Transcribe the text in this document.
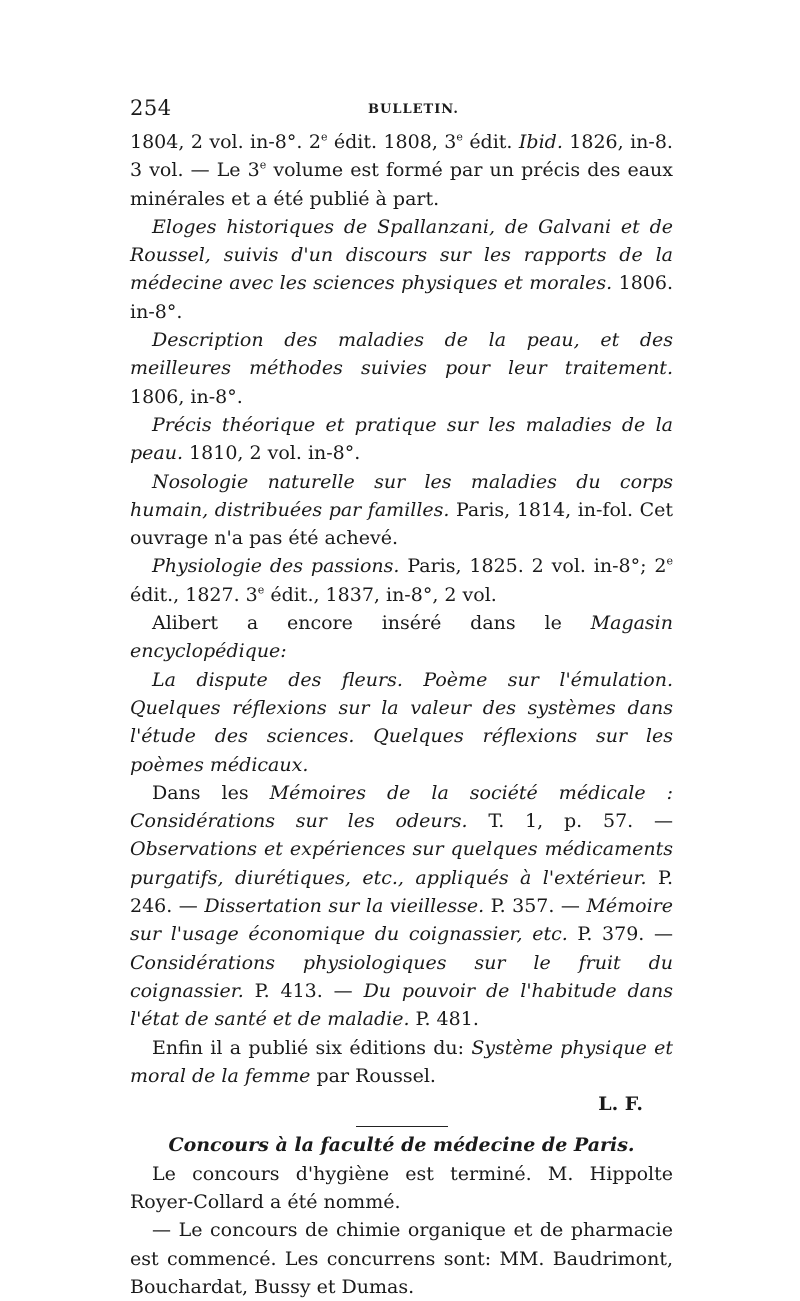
254	BULLETIN.

1804, 2 vol. in-8°. 2e édit. 1808, 3e édit. Ibid. 1826, in-8. 3 vol. — Le 3e volume est formé par un précis des eaux minérales et a été publié à part.

Eloges historiques de Spallanzani, de Galvani et de Roussel, suivis d'un discours sur les rapports de la médecine avec les sciences physiques et morales. 1806. in-8°.

Description des maladies de la peau, et des meilleures méthodes suivies pour leur traitement. 1806, in-8°.

Précis théorique et pratique sur les maladies de la peau. 1810, 2 vol. in-8°.

Nosologie naturelle sur les maladies du corps humain, distribuées par familles. Paris, 1814, in-fol. Cet ouvrage n'a pas été achevé.

Physiologie des passions. Paris, 1825. 2 vol. in-8°; 2e édit., 1827. 3e édit., 1837, in-8°, 2 vol.

Alibert a encore inséré dans le Magasin encyclopédique:

La dispute des fleurs. Poème sur l'émulation. Quelques réflexions sur la valeur des systèmes dans l'étude des sciences. Quelques réflexions sur les poèmes médicaux.

Dans les Mémoires de la société médicale : Considérations sur les odeurs. T. 1, p. 57. — Observations et expériences sur quelques médicaments purgatifs, diurétiques, etc., appliqués à l'extérieur. P. 246. — Dissertation sur la vieillesse. P. 357. — Mémoire sur l'usage économique du coignassier, etc. P. 379. — Considérations physiologiques sur le fruit du coignassier. P. 413. — Du pouvoir de l'habitude dans l'état de santé et de maladie. P. 481.

Enfin il a publié six éditions du: Système physique et moral de la femme par Roussel.

L. F.

Concours à la faculté de médecine de Paris.

Le concours d'hygiène est terminé. M. Hippolte Royer-Collard a été nommé.

— Le concours de chimie organique et de pharmacie est commencé. Les concurrens sont: MM. Baudrimont, Bouchardat, Bussy et Dumas.
